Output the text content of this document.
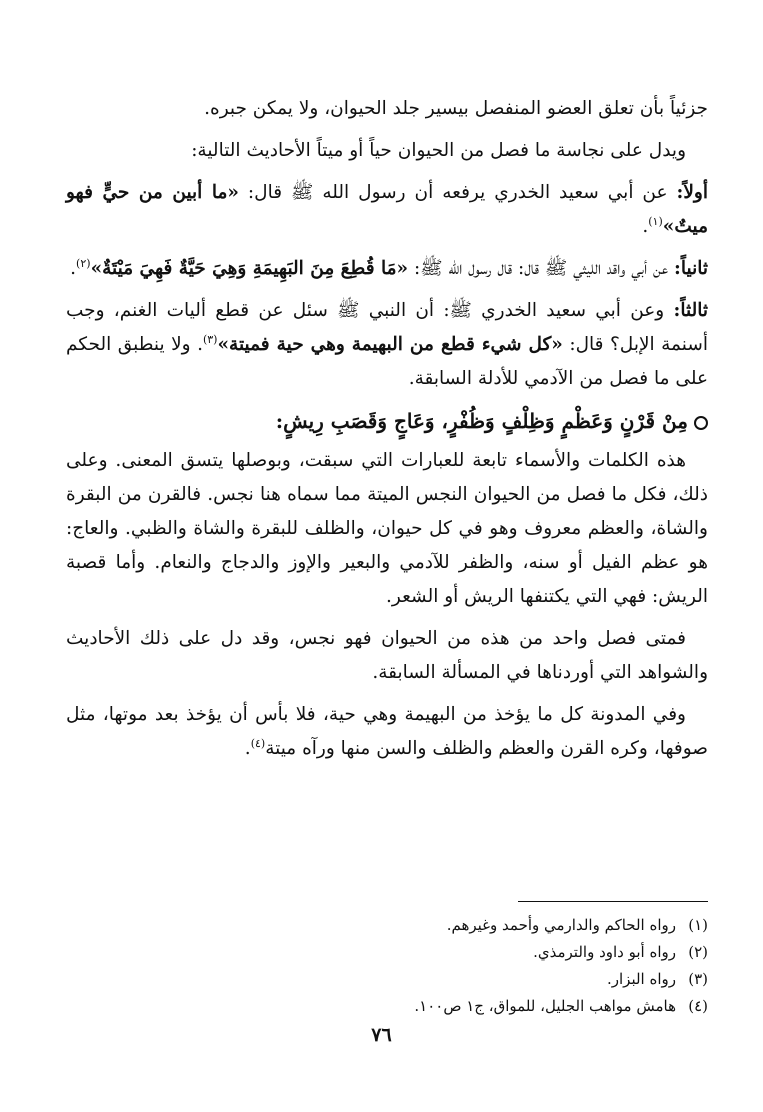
جزئياً بأن تعلق العضو المنفصل بيسير جلد الحيوان، ولا يمكن جبره.

ويدل على نجاسة ما فصل من الحيوان حياً أو ميتاً الأحاديث التالية:

أولاً: عن أبي سعيد الخدري يرفعه أن رسول الله ﷺ قال: «ما أبين من حيٍّ فهو ميتٌ»$^{(١)}$.

ثانياً: عن أبي واقد الليثي ﷺ قال: قال رسول الله ﷺ: «مَا قُطِعَ مِنَ البَهِيمَةِ وَهِيَ حَيَّةٌ فَهِيَ مَيْتَةٌ»$^{(٢)}$.

ثالثاً: وعن أبي سعيد الخدري ﷺ: أن النبي ﷺ سئل عن قطع أليات الغنم، وجب أسنمة الإبل؟ قال: «كل شيء قطع من البهيمة وهي حية فميتة»$^{(٣)}$. ولا ينطبق الحكم على ما فصل من الآدمي للأدلة السابقة.

مِنْ قَرْنٍ وَعَظْمٍ وَظِلْفٍ وَظُفْرٍ، وَعَاجٍ وَقَصَبِ رِيشٍ:

هذه الكلمات والأسماء تابعة للعبارات التي سبقت، وبوصلها يتسق المعنى. وعلى ذلك، فكل ما فصل من الحيوان النجس الميتة مما سماه هنا نجس. فالقرن من البقرة والشاة، والعظم معروف وهو في كل حيوان، والظلف للبقرة والشاة والظبي. والعاج: هو عظم الفيل أو سنه، والظفر للآدمي والبعير والإوز والدجاج والنعام. وأما قصبة الريش: فهي التي يكتنفها الريش أو الشعر.

فمتى فصل واحد من هذه من الحيوان فهو نجس، وقد دل على ذلك الأحاديث والشواهد التي أوردناها في المسألة السابقة.

وفي المدونة كل ما يؤخذ من البهيمة وهي حية، فلا بأس أن يؤخذ بعد موتها، مثل صوفها، وكره القرن والعظم والظلف والسن منها ورآه ميتة$^{(٤)}$.

(١)رواه الحاكم والدارمي وأحمد وغيرهم.

(٢)رواه أبو داود والترمذي.

(٣)رواه البزار.

(٤)هامش مواهب الجليل، للمواق، ج١ ص١٠٠.

٧٦
